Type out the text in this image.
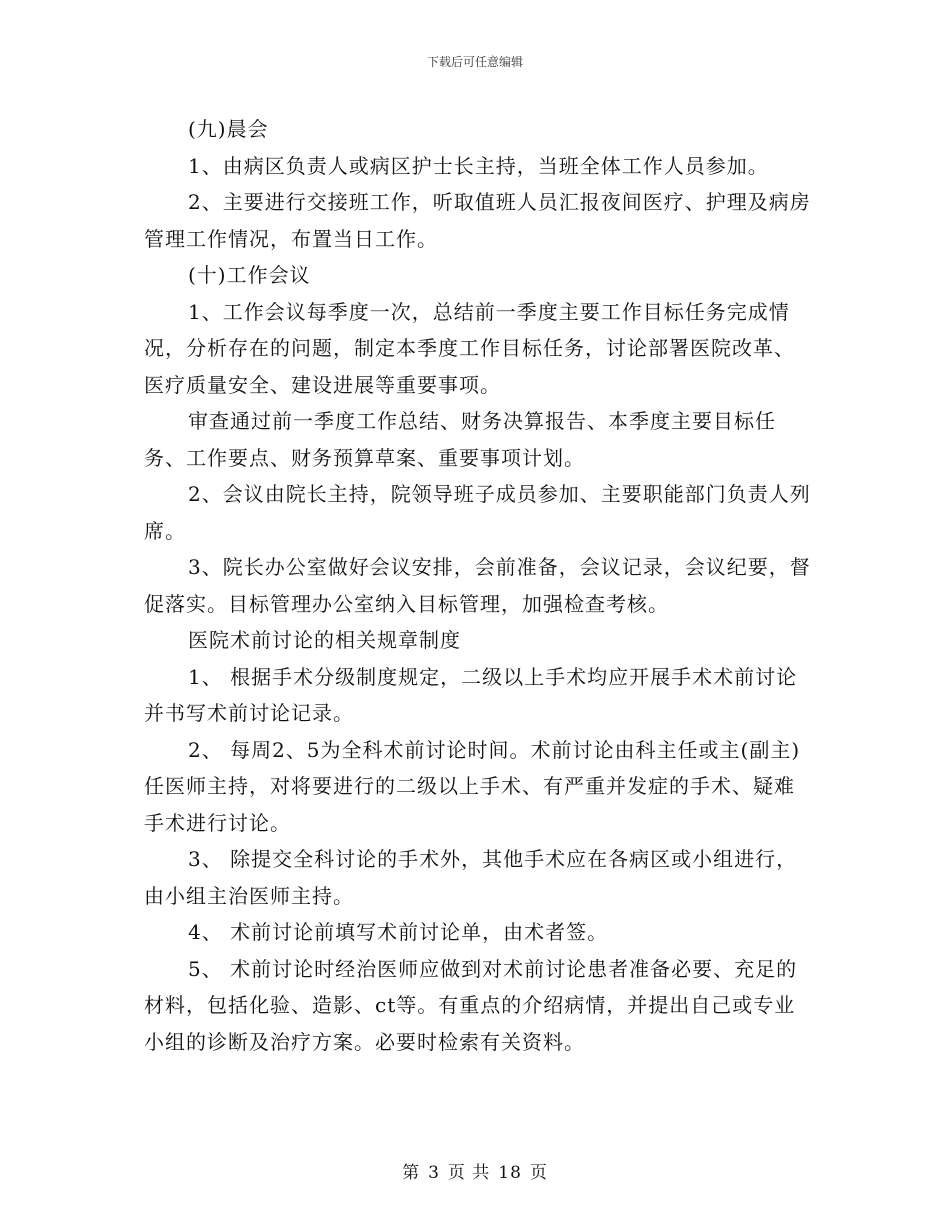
下载后可任意编辑

(九)晨会

1、由病区负责人或病区护士长主持，当班全体工作人员参加。

2、主要进行交接班工作，听取值班人员汇报夜间医疗、护理及病房管理工作情况，布置当日工作。

(十)工作会议

1、工作会议每季度一次，总结前一季度主要工作目标任务完成情况，分析存在的问题，制定本季度工作目标任务，讨论部署医院改革、医疗质量安全、建设进展等重要事项。

审查通过前一季度工作总结、财务决算报告、本季度主要目标任务、工作要点、财务预算草案、重要事项计划。

2、会议由院长主持，院领导班子成员参加、主要职能部门负责人列席。

3、院长办公室做好会议安排，会前准备，会议记录，会议纪要，督促落实。目标管理办公室纳入目标管理，加强检查考核。

医院术前讨论的相关规章制度

1、 根据手术分级制度规定，二级以上手术均应开展手术术前讨论并书写术前讨论记录。

2、 每周2、5为全科术前讨论时间。术前讨论由科主任或主(副主)任医师主持，对将要进行的二级以上手术、有严重并发症的手术、疑难手术进行讨论。

3、 除提交全科讨论的手术外，其他手术应在各病区或小组进行，由小组主治医师主持。

4、 术前讨论前填写术前讨论单，由术者签。

5、 术前讨论时经治医师应做到对术前讨论患者准备必要、充足的材料，包括化验、造影、ct等。有重点的介绍病情，并提出自己或专业小组的诊断及治疗方案。必要时检索有关资料。

第 3 页 共 18 页
